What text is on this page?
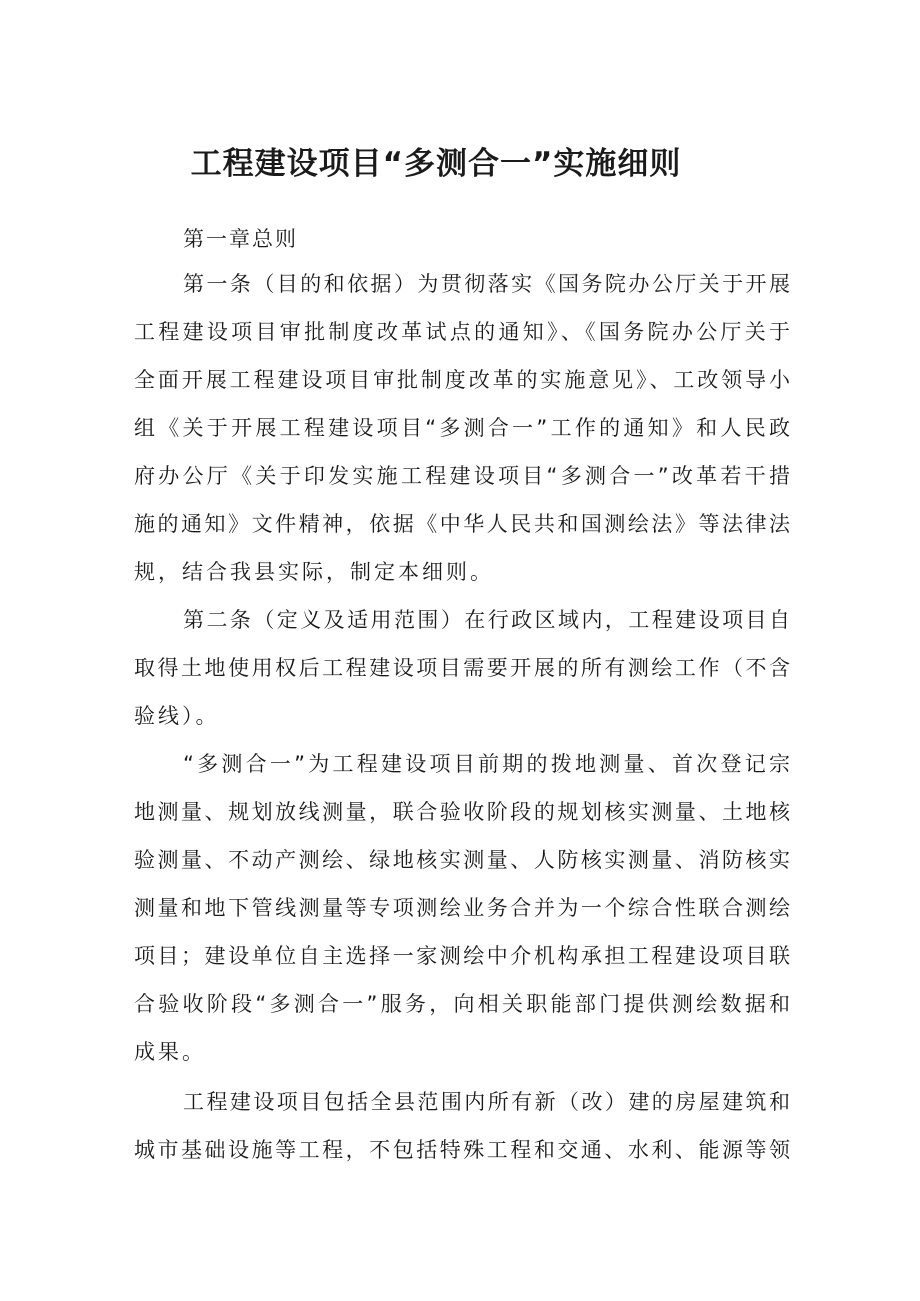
工程建设项目“多测合一”实施细则
第一章总则
第一条（目的和依据）为贯彻落实《国务院办公厅关于开展
工程建设项目审批制度改革试点的通知》、《国务院办公厅关于
全面开展工程建设项目审批制度改革的实施意见》、工改领导小
组《关于开展工程建设项目“多测合一”工作的通知》和人民政
府办公厅《关于印发实施工程建设项目“多测合一”改革若干措
施的通知》文件精神，依据《中华人民共和国测绘法》等法律法
规，结合我县实际，制定本细则。
第二条（定义及适用范围）在行政区域内，工程建设项目自
取得土地使用权后工程建设项目需要开展的所有测绘工作（不含
验线）。
“多测合一”为工程建设项目前期的拨地测量、首次登记宗
地测量、规划放线测量，联合验收阶段的规划核实测量、土地核
验测量、不动产测绘、绿地核实测量、人防核实测量、消防核实
测量和地下管线测量等专项测绘业务合并为一个综合性联合测绘
项目；建设单位自主选择一家测绘中介机构承担工程建设项目联
合验收阶段“多测合一”服务，向相关职能部门提供测绘数据和
成果。
工程建设项目包括全县范围内所有新（改）建的房屋建筑和
城市基础设施等工程，不包括特殊工程和交通、水利、能源等领
